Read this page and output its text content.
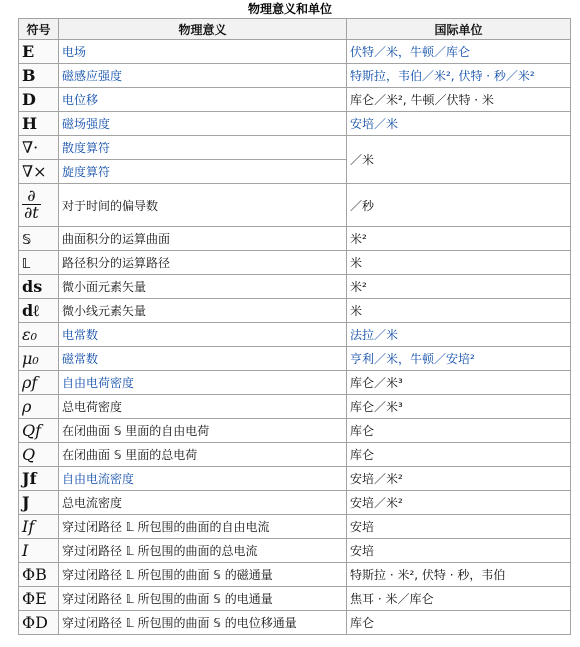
物理意义和单位
符号	物理意义	国际单位
E	电场	伏特／米，牛顿／库仑
B	磁感应强度	特斯拉，韦伯／米², 伏特 · 秒／米²
D	电位移	库仑／米², 牛顿／伏特 · 米
H	磁场强度	安培／米
∇·	散度算符	／米
∇×	旋度算符	

$\frac{\partial}{\partial t}$	对于时间的偏导数	／秒
𝕊	曲面积分的运算曲面	米²
𝕃	路径积分的运算路径	米
ds	微小面元素矢量	米²
dℓ	微小线元素矢量	米
ε₀	电常数	法拉／米
μ₀	磁常数	亨利／米，牛顿／安培²
ρf	自由电荷密度	库仑／米³
ρ	总电荷密度	库仑／米³
Qf	在闭曲面 𝕊 里面的自由电荷	库仑
Q	在闭曲面 𝕊 里面的总电荷	库仑
Jf	自由电流密度	安培／米²
J	总电流密度	安培／米²
If	穿过闭路径 𝕃 所包围的曲面的自由电流	安培
I	穿过闭路径 𝕃 所包围的曲面的总电流	安培
ΦB	穿过闭路径 𝕃 所包围的曲面 𝕊 的磁通量	特斯拉 · 米², 伏特 · 秒，韦伯
ΦE	穿过闭路径 𝕃 所包围的曲面 𝕊 的电通量	焦耳 · 米／库仑
ΦD	穿过闭路径 𝕃 所包围的曲面 𝕊 的电位移通量	库仑
